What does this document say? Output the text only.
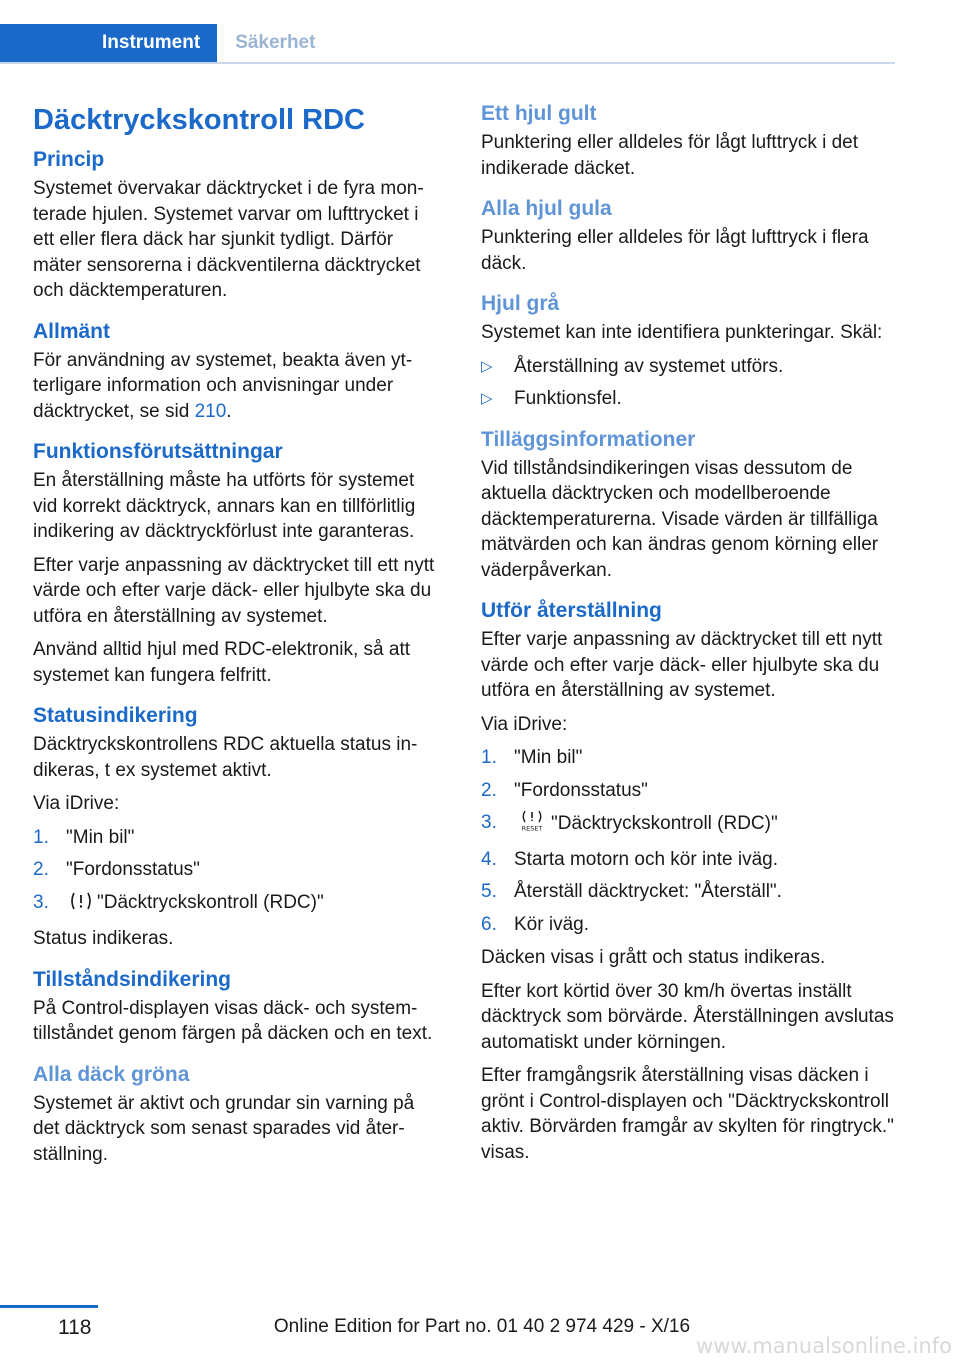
Instrument	Säkerhet
Däcktryckskontroll RDC
Princip

Systemet övervakar däcktrycket i de fyra monterade hjulen. Systemet varvar om lufttrycket i ett eller flera däck har sjunkit tydligt. Därför mäter sensorerna i däckventilerna däcktrycket och däcktemperaturen.

Allmänt

För användning av systemet, beakta även ytterligare information och anvisningar under däcktrycket, se sid 210.

Funktionsförutsättningar

En återställning måste ha utförts för systemet vid korrekt däcktryck, annars kan en tillförlitlig indikering av däcktryckförlust inte garanteras.

Efter varje anpassning av däcktrycket till ett nytt värde och efter varje däck- eller hjulbyte ska du utföra en återställning av systemet.

Använd alltid hjul med RDC-elektronik, så att systemet kan fungera felfritt.

Statusindikering

Däcktryckskontrollens RDC aktuella status indikeras, t ex systemet aktivt.

Via iDrive:

1. "Min bil"
2. "Fordonsstatus"
3.	"Däcktryckskontroll (RDC)"

Status indikeras.

Tillståndsindikering

På Control-displayen visas däck- och systemtillståndet genom färgen på däcken och en text.

Alla däck gröna

Systemet är aktivt och grundar sin varning på det däcktryck som senast sparades vid återställning.

Ett hjul gult

Punktering eller alldeles för lågt lufttryck i det indikerade däcket.

Alla hjul gula

Punktering eller alldeles för lågt lufttryck i flera däck.

Hjul grå

Systemet kan inte identifiera punkteringar. Skäl:

▷ Återställning av systemet utförs.
▷ Funktionsfel.
Tilläggsinformationer

Vid tillståndsindikeringen visas dessutom de aktuella däcktrycken och modellberoende däcktemperaturerna. Visade värden är tillfälliga mätvärden och kan ändras genom körning eller väderpåverkan.

Utför återställning

Efter varje anpassning av däcktrycket till ett nytt värde och efter varje däck- eller hjulbyte ska du utföra en återställning av systemet.

Via iDrive:

1. "Min bil"
2. "Fordonsstatus"
3.	RESET "Däcktryckskontroll (RDC)"
4. Starta motorn och kör inte iväg.
5. Återställ däcktrycket: "Återställ".
6. Kör iväg.

Däcken visas i grått och status indikeras.

Efter kort körtid över 30 km/h övertas inställt däcktryck som börvärde. Återställningen avslutas automatiskt under körningen.

Efter framgångsrik återställning visas däcken i grönt i Control-displayen och "Däcktryckskontroll aktiv. Börvärden framgår av skylten för ringtryck." visas.

118	Online Edition for Part no. 01 40 2 974 429 - X/16
www.manualsonline.info
